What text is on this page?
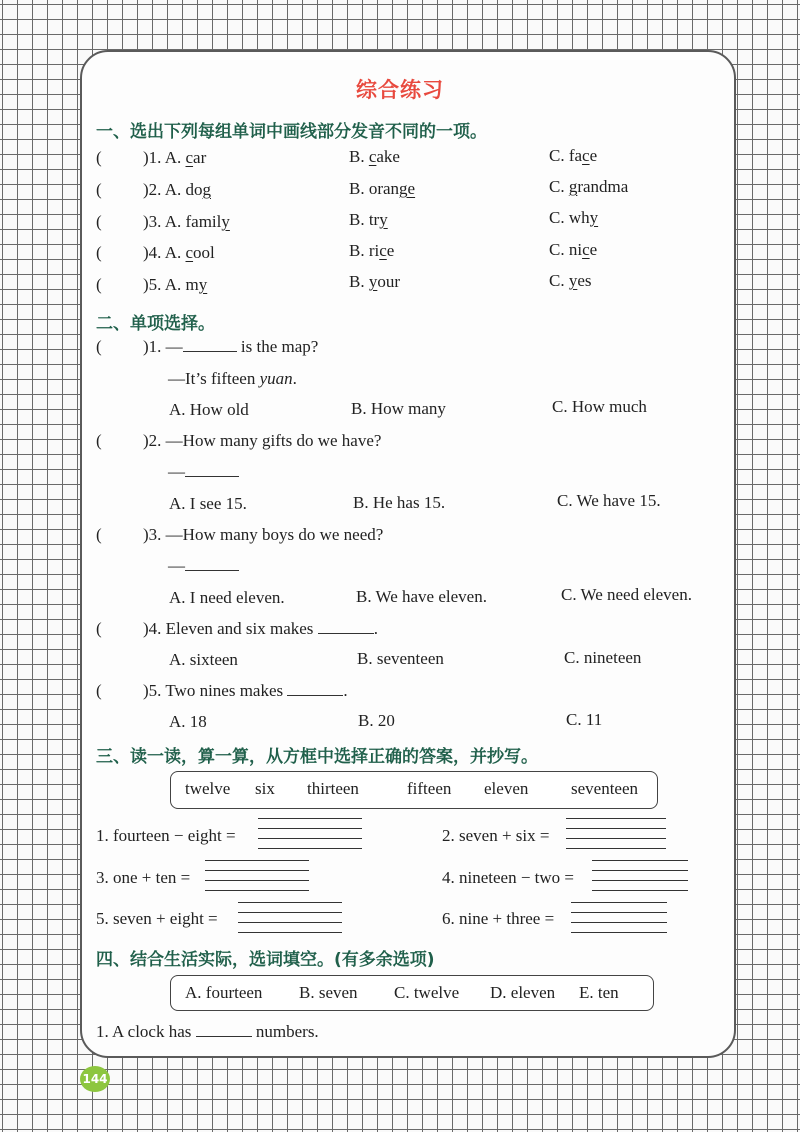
综合练习
一、选出下列每组单词中画线部分发音不同的一项。
( )1. A. car	B. cake	C. face
( )2. A. dog	B. orange	C. grandma
( )3. A. family	B. try	C. why
( )4. A. cool	B. rice	C. nice
( )5. A. my	B. your	C. yes
二、单项选择。
( )1. —	is the map?
—It’s fifteen yuan.
A. How old	B. How many	C. How much
( )2. —How many gifts do we have?
—
A. I see 15.	B. He has 15.	C. We have 15.
( )3. —How many boys do we need?
—
A. I need eleven.	B. We have eleven.	C. We need eleven.
( )4. Eleven and six makes	.
A. sixteen	B. seventeen	C. nineteen
( )5. Two nines makes	.
A. 18	B. 20	C. 11
三、读一读，算一算，从方框中选择正确的答案，并抄写。
twelve six thirteen	fifteen eleven	seventeen
1. fourteen − eight =	2. seven + six =
3. one + ten =	4. nineteen − two =
5. seven + eight =	6. nine + three =
四、结合生活实际，选词填空。(有多余选项)
A. fourteen B. seven C. twelve D. eleven E. ten
1. A clock has	numbers.
144
